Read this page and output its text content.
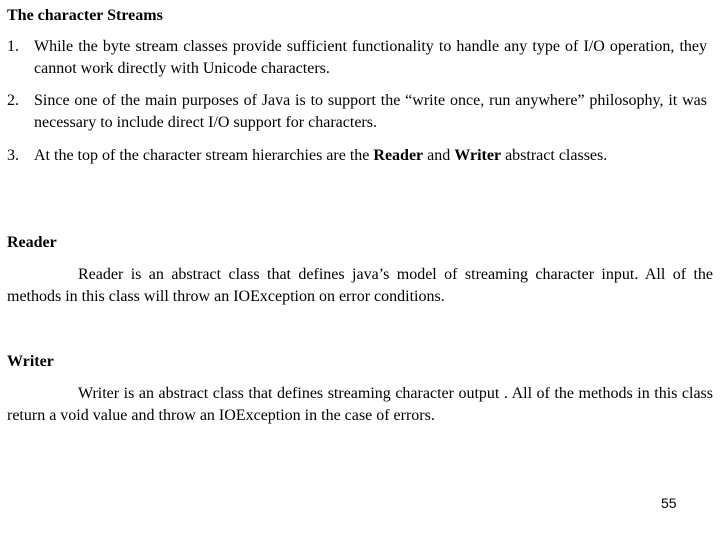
The character Streams
1. While the byte stream classes provide sufficient functionality to handle any type of I/O operation, they cannot work directly with Unicode characters.
2. Since one of the main purposes of Java is to support the “write once, run anywhere” philosophy, it was necessary to include direct I/O support for characters.
3. At the top of the character stream hierarchies are the Reader and Writer abstract classes.
Reader
Reader is an abstract class that defines java’s model of streaming character input. All of the methods in this class will throw an IOException on error conditions.
Writer
Writer is an abstract class that defines streaming character output . All of the methods in this class return a void value and throw an IOException in the case of errors.
55
